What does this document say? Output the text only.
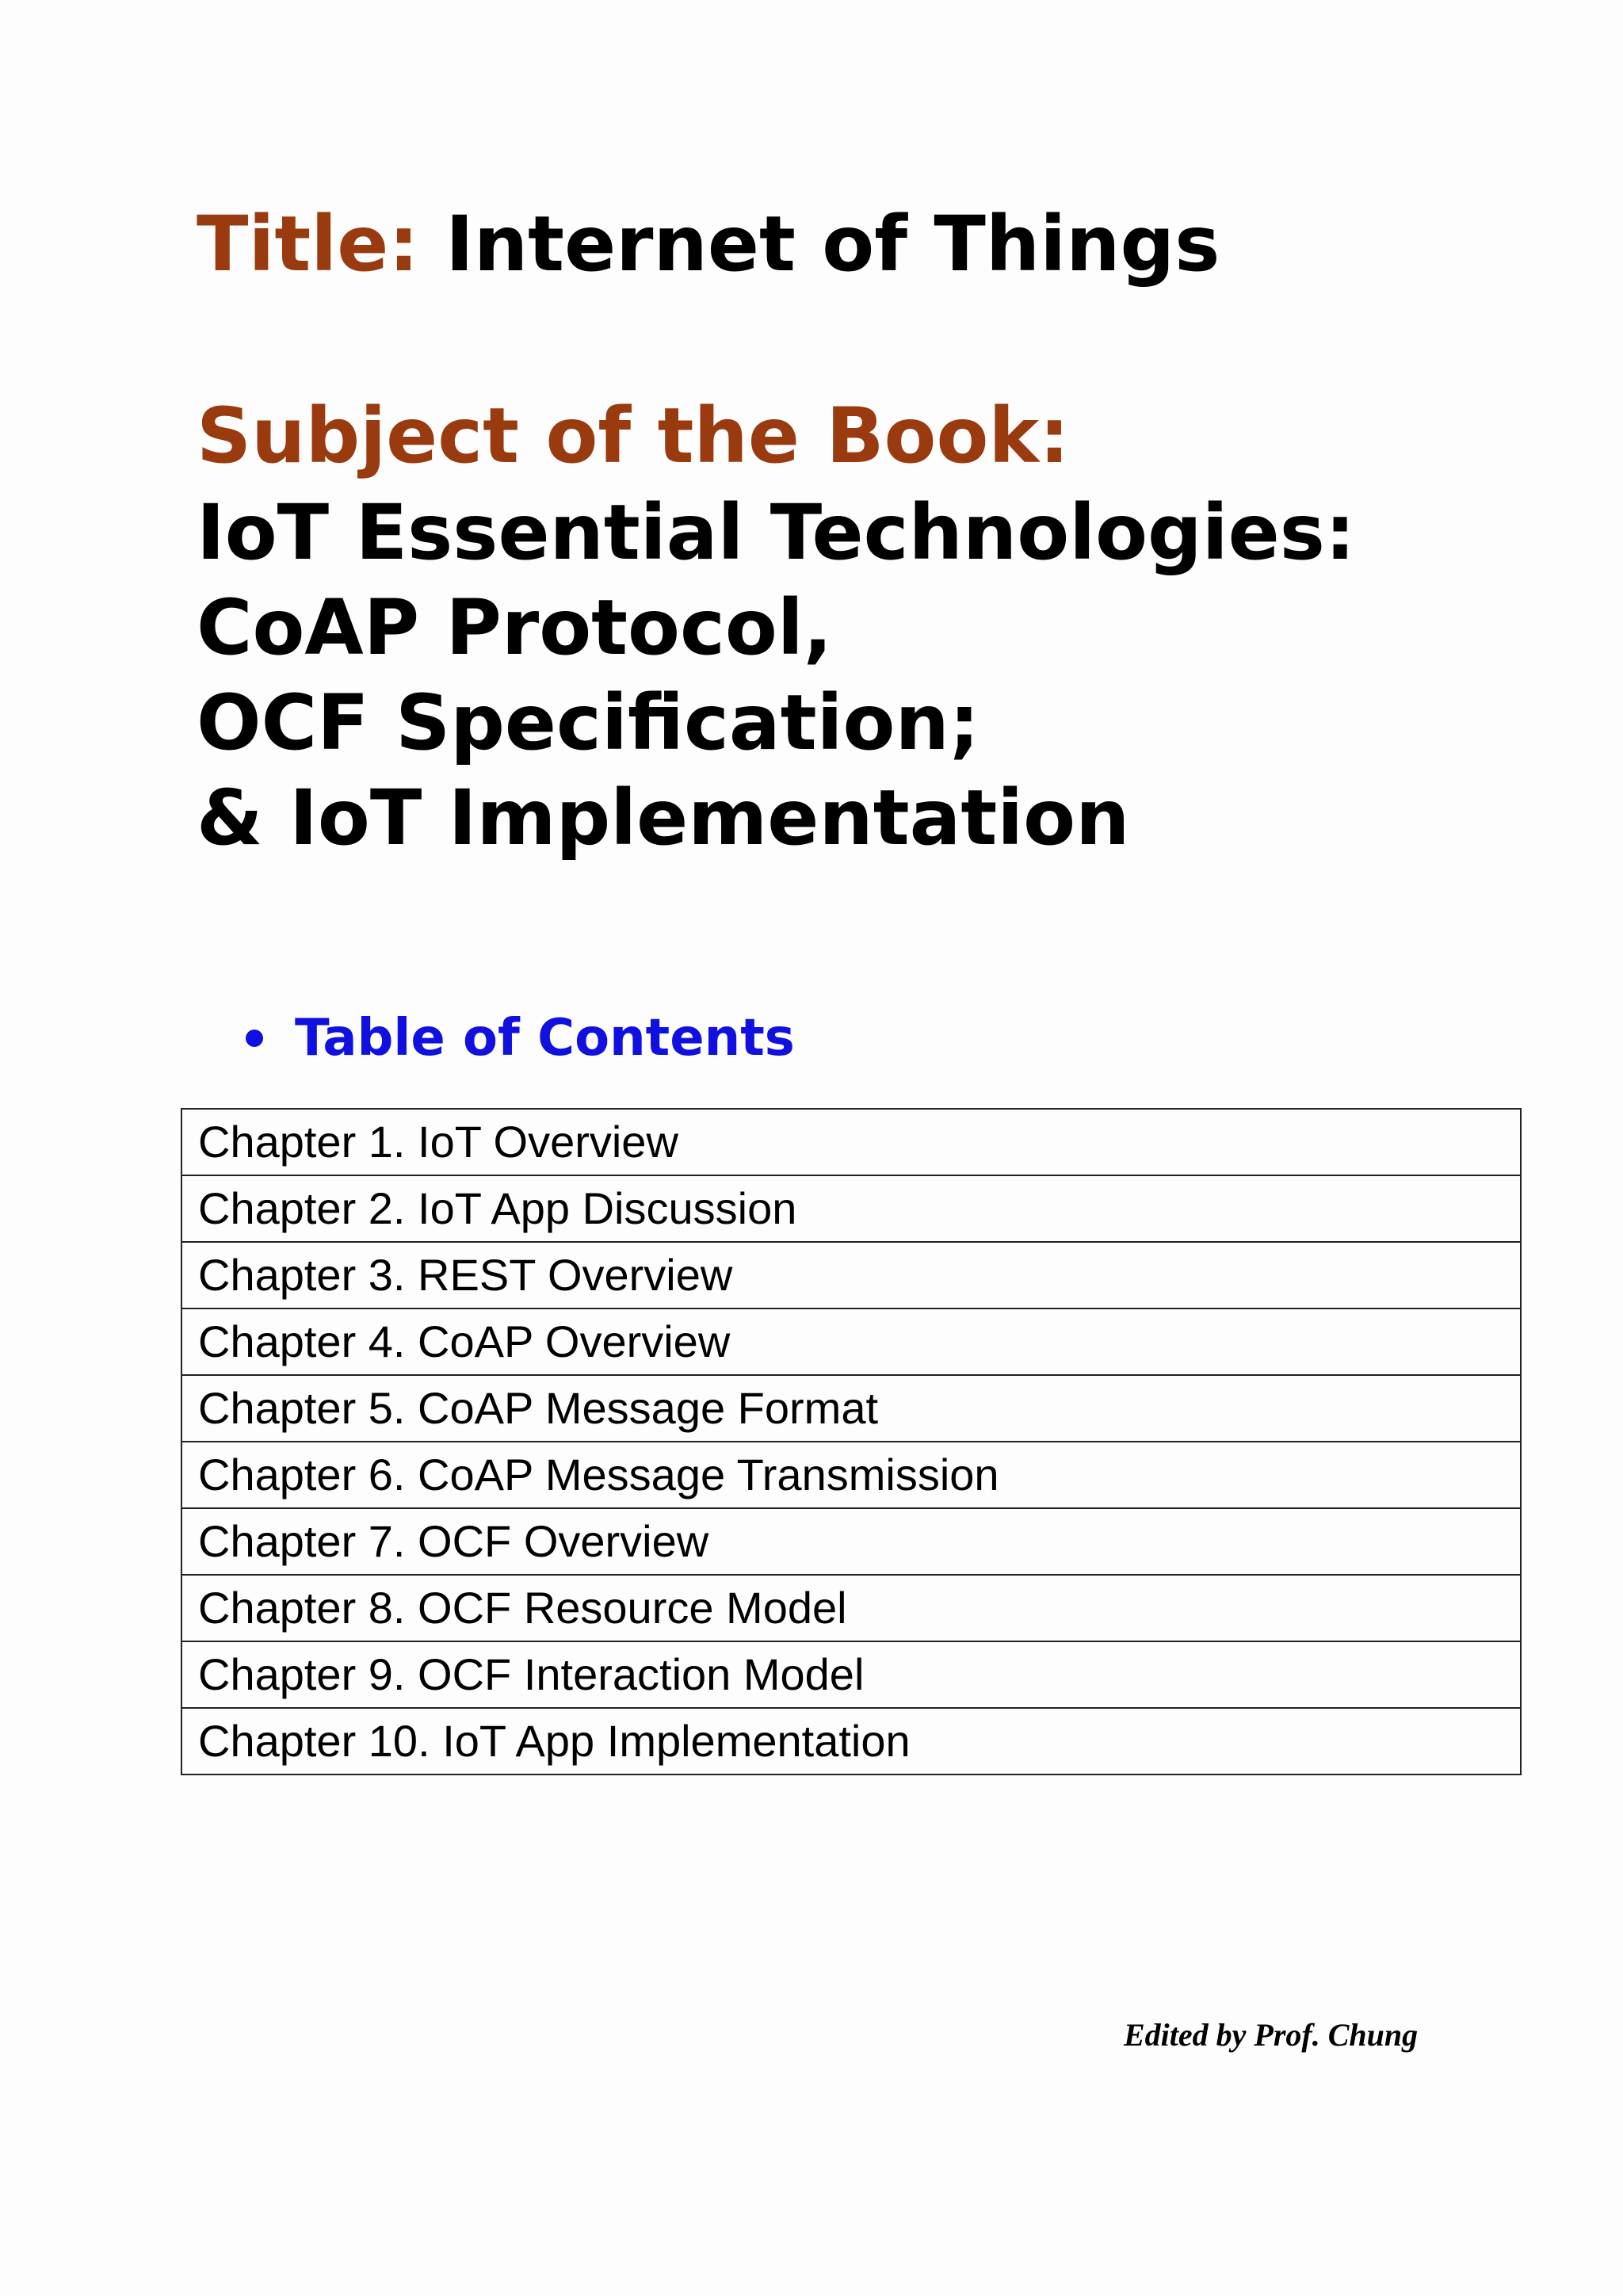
Title: Internet of Things
Subject of the Book:
IoT Essential Technologies:
CoAP Protocol,
OCF Specification;
& IoT Implementation
Table of Contents
Chapter 1. IoT Overview
Chapter 2. IoT App Discussion
Chapter 3. REST Overview
Chapter 4. CoAP Overview
Chapter 5. CoAP Message Format
Chapter 6. CoAP Message Transmission
Chapter 7. OCF Overview
Chapter 8. OCF Resource Model
Chapter 9. OCF Interaction Model
Chapter 10. IoT App Implementation
Edited by Prof. Chung
